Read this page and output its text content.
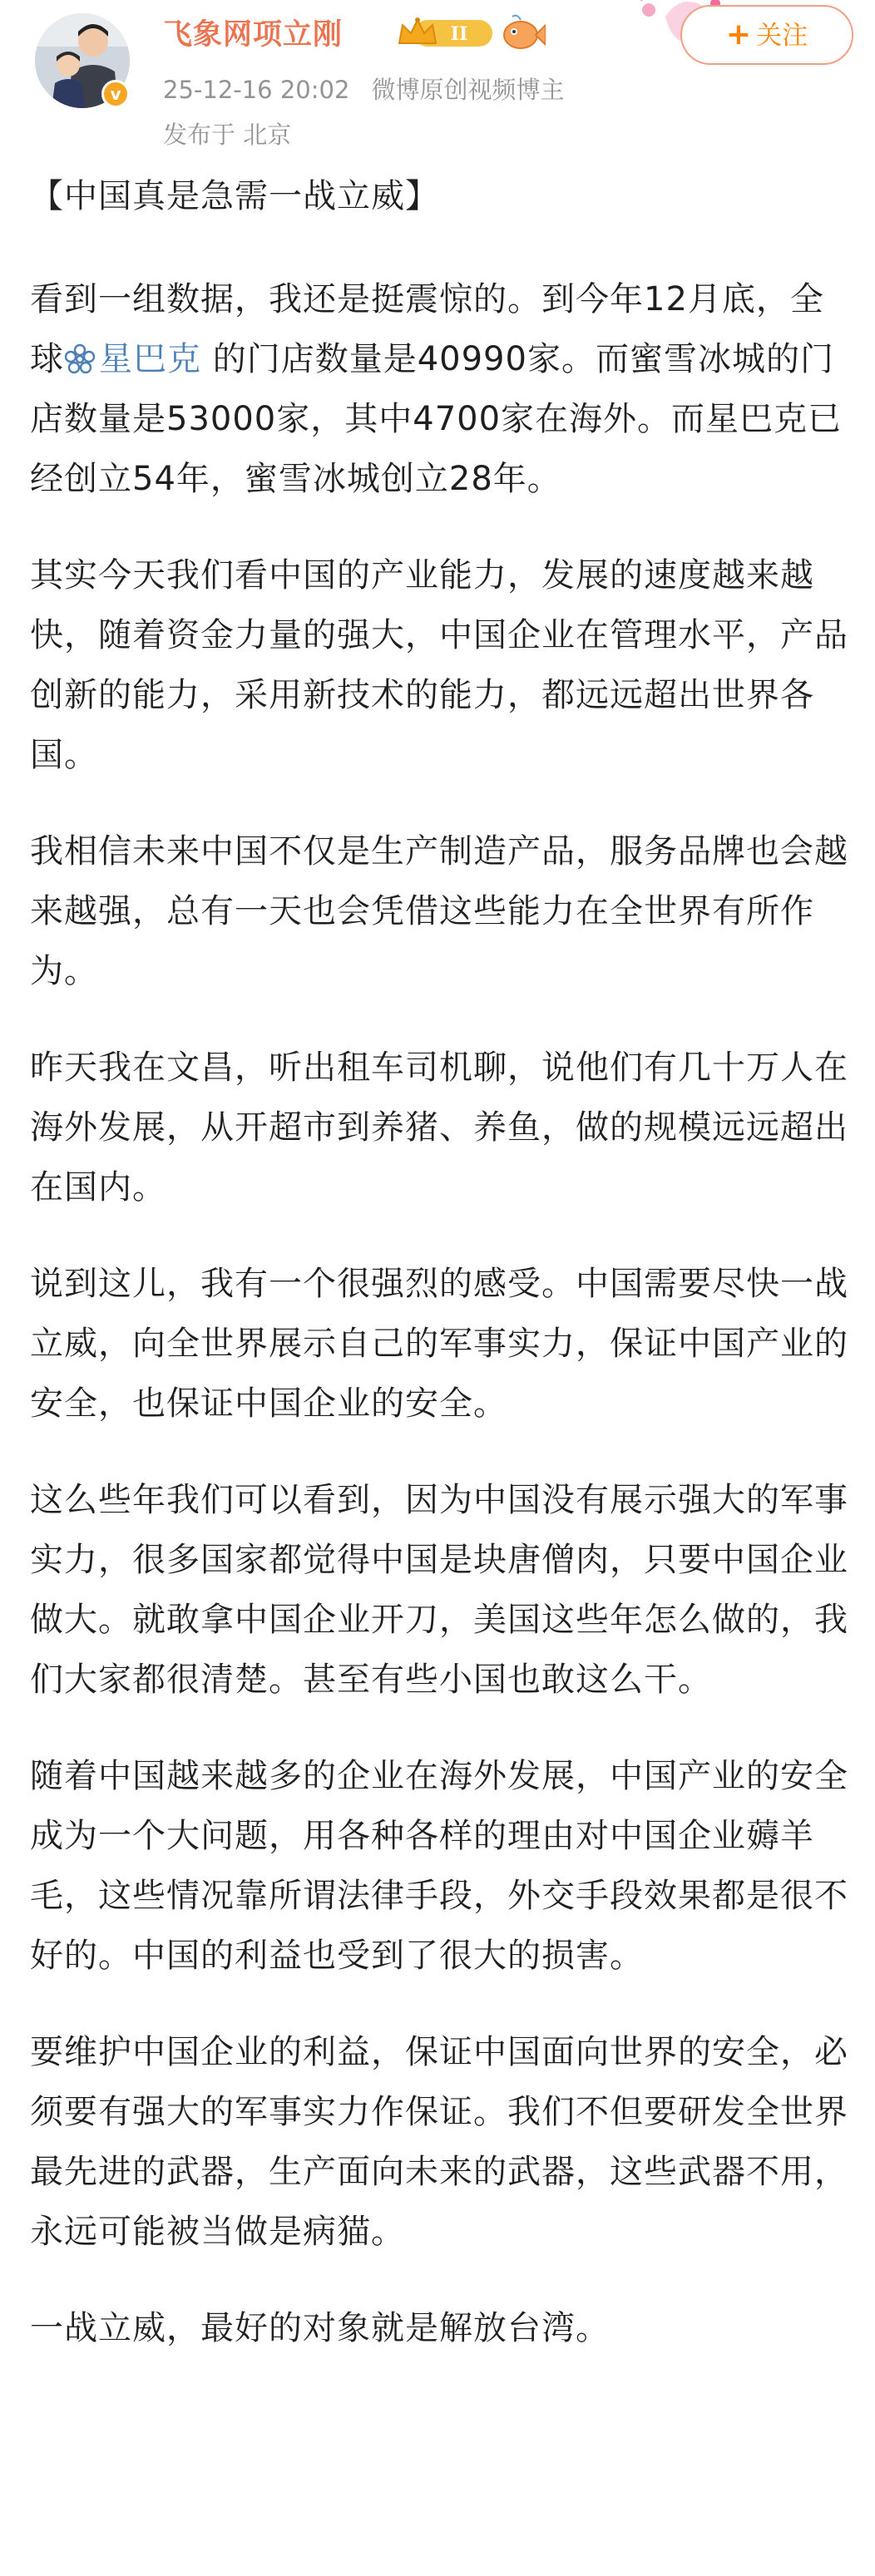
v
飞象网项立刚	II
25-12-16 20:02 微博原创视频博主
发布于 北京
+ 关注

【中国真是急需一战立威】

看到一组数据，我还是挺震惊的。到今年12月底，全球 星巴克 的门店数量是40990家。而蜜雪冰城的门店数量是53000家，其中4700家在海外。而星巴克已经创立54年，蜜雪冰城创立28年。

其实今天我们看中国的产业能力，发展的速度越来越快，随着资金力量的强大，中国企业在管理水平，产品创新的能力，采用新技术的能力，都远远超出世界各国。

我相信未来中国不仅是生产制造产品，服务品牌也会越来越强，总有一天也会凭借这些能力在全世界有所作为。

昨天我在文昌，听出租车司机聊，说他们有几十万人在海外发展，从开超市到养猪、养鱼，做的规模远远超出在国内。

说到这儿，我有一个很强烈的感受。中国需要尽快一战立威，向全世界展示自己的军事实力，保证中国产业的安全，也保证中国企业的安全。

这么些年我们可以看到，因为中国没有展示强大的军事实力，很多国家都觉得中国是块唐僧肉，只要中国企业做大。就敢拿中国企业开刀，美国这些年怎么做的，我们大家都很清楚。甚至有些小国也敢这么干。

随着中国越来越多的企业在海外发展，中国产业的安全成为一个大问题，用各种各样的理由对中国企业薅羊毛，这些情况靠所谓法律手段，外交手段效果都是很不好的。中国的利益也受到了很大的损害。

要维护中国企业的利益，保证中国面向世界的安全，必须要有强大的军事实力作保证。我们不但要研发全世界最先进的武器，生产面向未来的武器，这些武器不用，永远可能被当做是病猫。

一战立威，最好的对象就是解放台湾。
